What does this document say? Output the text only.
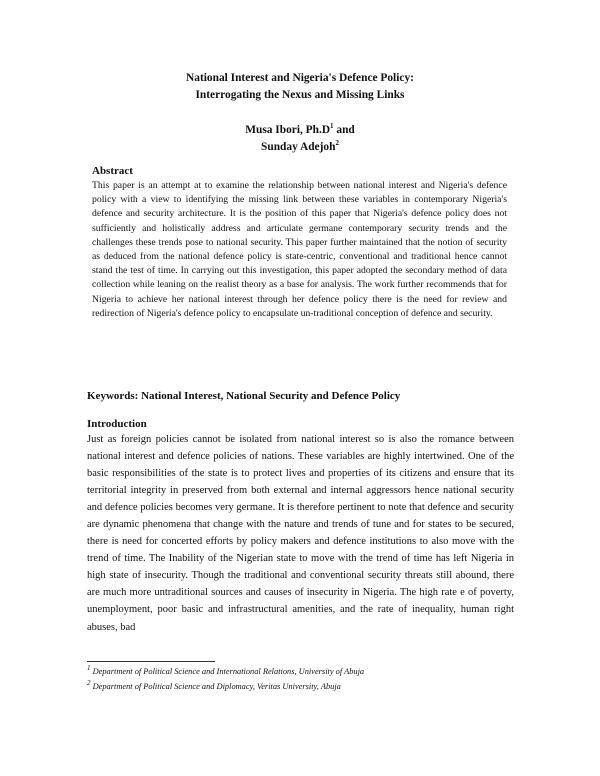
National Interest and Nigeria's Defence Policy:
Interrogating the Nexus and Missing Links
Musa Ibori, $Ph.D^1$ and
Sunday Adejoh$^2$

Abstract

This paper is an attempt at to examine the relationship between national interest and Nigeria's defence policy with a view to identifying the missing link between these variables in contemporary Nigeria's defence and security architecture. It is the position of this paper that Nigeria's defence policy does not sufficiently and holistically address and articulate germane contemporary security trends and the challenges these trends pose to national security. This paper further maintained that the notion of security as deduced from the national defence policy is state-centric, conventional and traditional hence cannot stand the test of time. In carrying out this investigation, this paper adopted the secondary method of data collection while leaning on the realist theory as a base for analysis. The work further recommends that for Nigeria to achieve her national interest through her defence policy there is the need for review and redirection of Nigeria's defence policy to encapsulate un-traditional conception of defence and security.

Keywords: National Interest, National Security and Defence Policy

Introduction

Just as foreign policies cannot be isolated from national interest so is also the romance between national interest and defence policies of nations. These variables are highly intertwined. One of the basic responsibilities of the state is to protect lives and properties of its citizens and ensure that its territorial integrity in preserved from both external and internal aggressors hence national security and defence policies becomes very germane. It is therefore pertinent to note that defence and security are dynamic phenomena that change with the nature and trends of tune and for states to be secured, there is need for concerted efforts by policy makers and defence institutions to also move with the trend of time. The Inability of the Nigerian state to move with the trend of time has left Nigeria in high state of insecurity. Though the traditional and conventional security threats still abound, there are much more untraditional sources and causes of insecurity in Nigeria. The high rate e of poverty, unemployment, poor basic and infrastructural amenities, and the rate of inequality, human right abuses, bad

$^1$ Department of Political Science and International Relations, University of Abuja

$^2$ Department of Political Science and Diplomacy, Veritas University, Abuja
